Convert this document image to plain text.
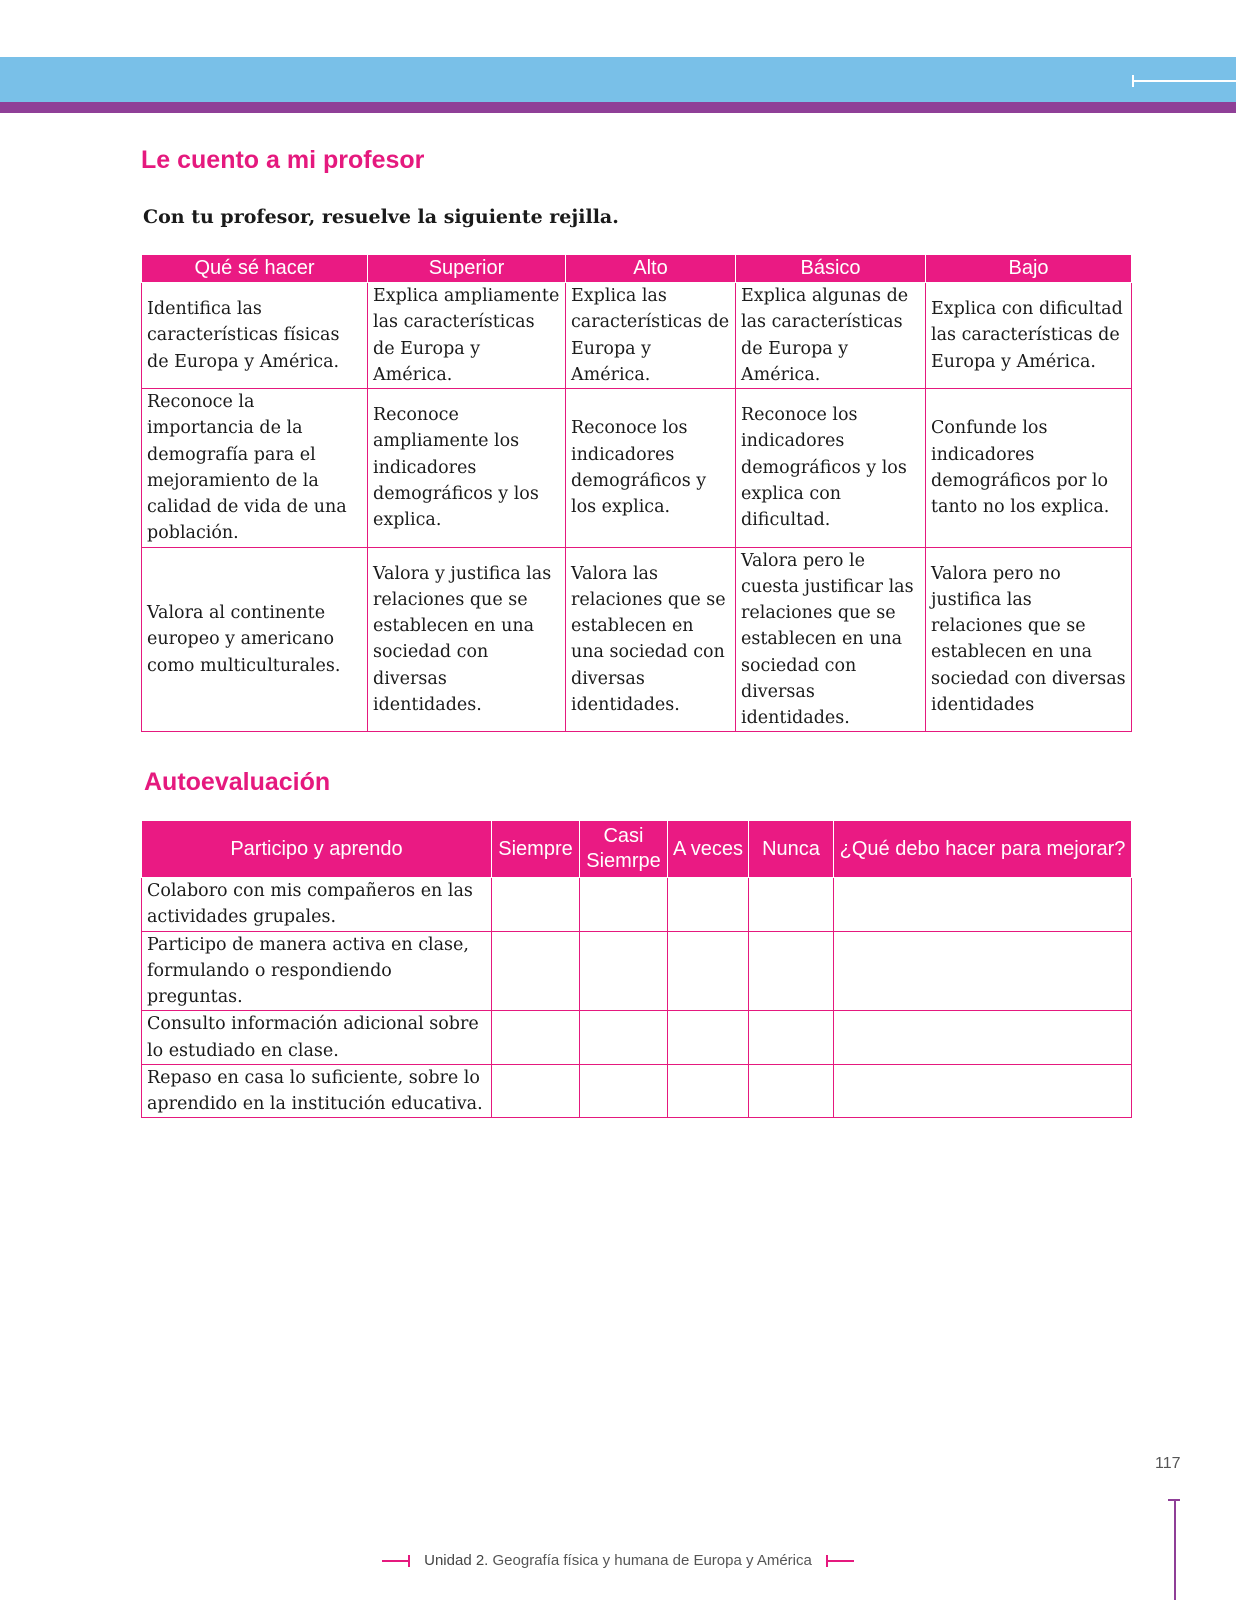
Le cuento a mi profesor

Con tu profesor, resuelve la siguiente rejilla.

Qué sé hacer	Superior	Alto	Básico	Bajo
Identifica las características físicas de Europa y América.	Explica ampliamente las características de Europa y América.	Explica las características de Europa y América.	Explica algunas de las características de Europa y América.	Explica con dificultad las características de Europa y América.
Reconoce la importancia de la demografía para el mejoramiento de la calidad de vida de una población.	Reconoce ampliamente los indicadores demográficos y los explica.	Reconoce los indicadores demográficos y los explica.	Reconoce los indicadores demográficos y los explica con dificultad.	Confunde los indicadores demográficos por lo tanto no los explica.
Valora al continente europeo y americano como multiculturales.	Valora y justifica las relaciones que se establecen en una sociedad con diversas identidades.	Valora las relaciones que se establecen en una sociedad con diversas identidades.	Valora pero le cuesta justificar las relaciones que se establecen en una sociedad con diversas identidades.	Valora pero no justifica las relaciones que se establecen en una sociedad con diversas identidades
Autoevaluación
Participo y aprendo	Siempre	Casi Siemrpe	A veces	Nunca	¿Qué debo hacer para mejorar?
Colaboro con mis compañeros en las actividades grupales.					
Participo de manera activa en clase, formulando o respondiendo preguntas.					
Consulto información adicional sobre lo estudiado en clase.					
Repaso en casa lo suficiente, sobre lo aprendido en la institución educativa.					
117
Unidad 2. Geografía física y humana de Europa y América
